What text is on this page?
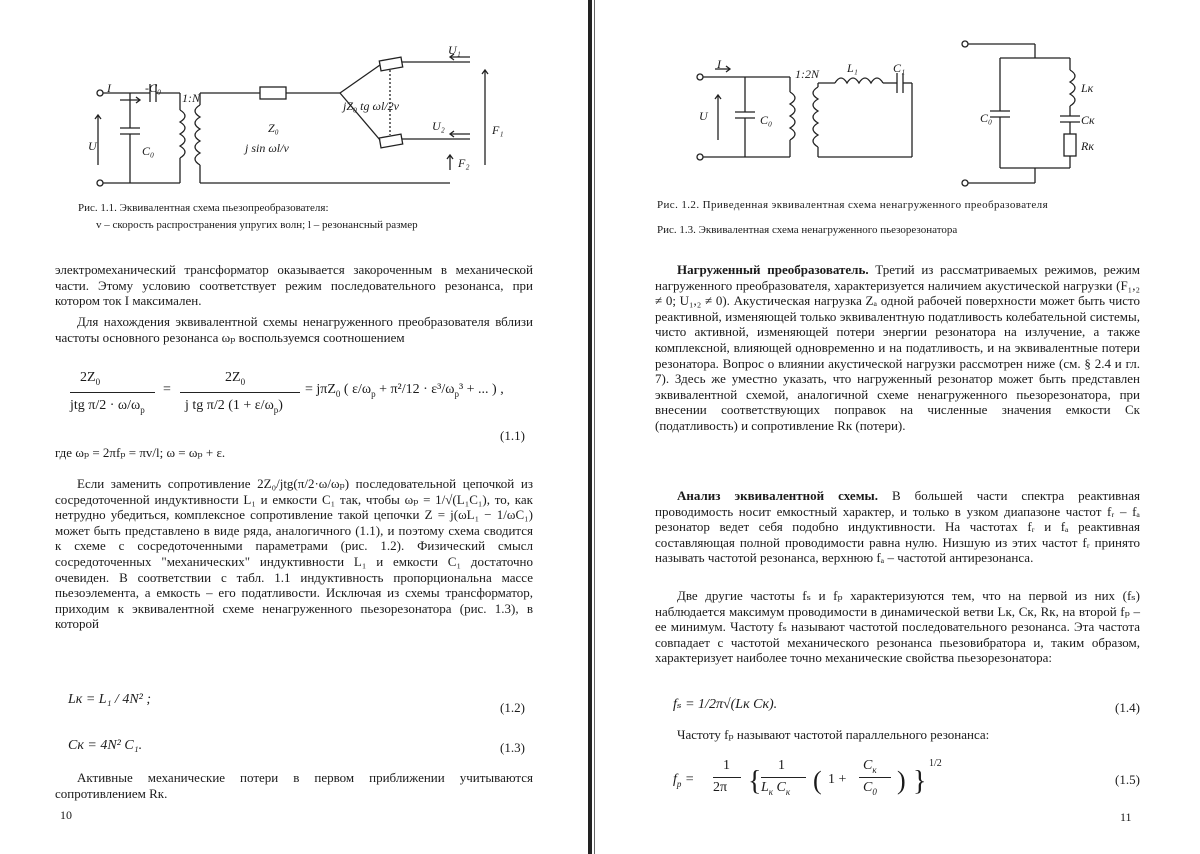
I	-C₀
C₀
U
1:N
Z₀
j sin ωl/v
jZ₀ tg ωl/2v
U₁
U₂	F₁
F₂
Рис. 1.1. Эквивалентная схема пьезопреобразователя:
v – скорость распространения упругих волн; l – резонансный размер

электромеханический трансформатор оказывается закороченным в механической части. Этому условию соответствует режим последовательного резонанса, при котором ток I максимален.

Для нахождения эквивалентной схемы ненагруженного преобразователя вблизи частоты основного резонанса ωₚ воспользуемся соотношением

$2Z_0$
jtg $\pi/2 \cdot \omega/\omega_p$
=
$2Z_0$
j tg π/2 $(1 + \varepsilon/\omega_p)$
= jπZ$_0$ ( $\varepsilon/\omega_p + \pi^2/12 \cdot \varepsilon^3/\omega_p^3$ + ... ) ,
(1.1)

где ωₚ = 2πfₚ = πv/l; ω = ωₚ + ε.

Если заменить сопротивление 2Z₀/jtg(π/2·ω/ωₚ) последовательной цепочкой из сосредоточенной индуктивности L₁ и емкости C₁ так, чтобы ωₚ = 1/√(L₁C₁), то, как нетрудно убедиться, комплексное сопротивление такой цепочки Z = j(ωL₁ − 1/ωC₁) может быть представлено в виде ряда, аналогичного (1.1), и поэтому схема сводится к схеме с сосредоточенными параметрами (рис. 1.2). Физический смысл сосредоточенных "механических" индуктивности L₁ и емкости C₁ достаточно очевиден. В соответствии с табл. 1.1 индуктивность пропорциональна массе пьезоэлемента, а емкость – его податливости. Исключая из схемы трансформатор, приходим к эквивалентной схеме ненагруженного пьезорезонатора (рис. 1.3), в которой

Lк = L₁ / 4N² ;
(1.2)
Cк = 4N² C₁.	(1.3)

Активные механические потери в первом приближении учитываются сопротивлением Rк.

10
I
U	C₀
1:2N L₁	C₁
C₀
Lк
Cк
Rк
Рис. 1.2. Приведенная эквивалентная схема ненагруженного преобразователя
Рис. 1.3. Эквивалентная схема ненагруженного пьезорезонатора

Нагруженный преобразователь. Третий из рассматриваемых режимов, режим нагруженного преобразователя, характеризуется наличием акустической нагрузки (F₁,₂ ≠ 0; U₁,₂ ≠ 0). Акустическая нагрузка Zₐ одной рабочей поверхности может быть чисто реактивной, изменяющей только эквивалентную податливость колебательной системы, чисто активной, изменяющей потери энергии резонатора на излучение, а также комплексной, влияющей одновременно и на податливость, и на эквивалентные потери резонатора. Вопрос о влиянии акустической нагрузки рассмотрен ниже (см. § 2.4 и гл. 7). Здесь же уместно указать, что нагруженный резонатор может быть представлен эквивалентной схемой, аналогичной схеме ненагруженного пьезорезонатора, при внесении соответствующих поправок на численные значения емкости Cк (податливость) и сопротивление Rк (потери).

Анализ эквивалентной схемы. В большей части спектра реактивная проводимость носит емкостный характер, и только в узком диапазоне частот fᵣ – fₐ резонатор ведет себя подобно индуктивности. На частотах fᵣ и fₐ реактивная составляющая полной проводимости равна нулю. Низшую из этих частот fᵣ принято называть частотой резонанса, верхнюю fₐ – частотой антирезонанса.

Две другие частоты fₛ и fₚ характеризуются тем, что на первой из них (fₛ) наблюдается максимум проводимости в динамической ветви Lк, Cк, Rк, на второй fₚ – ее минимум. Частоту fₛ называют частотой последовательного резонанса. Эта частота совпадает с частотой механического резонанса пьезовибратора и, таким образом, характеризует наиболее точно механические свойства пьезорезонатора:

fₛ = 1/2π√(Lк Cк).	(1.4)

Частоту fₚ называют частотой параллельного резонанса:

$f_p$ =
1
2π {
1
$L_к$ $C_к$ ( 1 +
$C_к$
$C_0$ ) }
1/2
(1.5)
11
